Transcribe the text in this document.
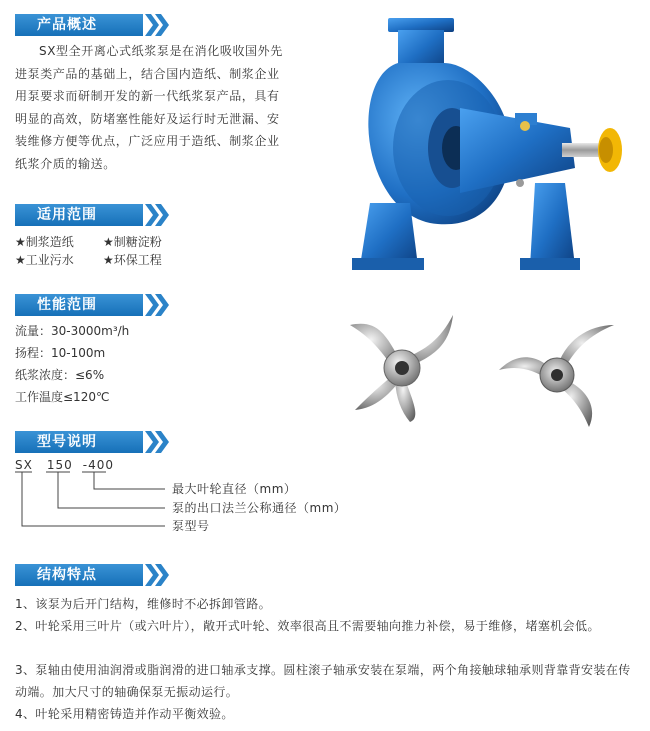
产品概述
SX型全开离心式纸浆泵是在消化吸收国外先进泵类产品的基础上，结合国内造纸、制浆企业用泵要求而研制开发的新一代纸浆泵产品，具有明显的高效，防堵塞性能好及运行时无泄漏、安装维修方便等优点，广泛应用于造纸、制浆企业纸浆介质的输送。
适用范围
★制浆造纸 ★制糖淀粉
★工业污水 ★环保工程
性能范围
流量：30-3000m³/h
扬程：10-100m
纸浆浓度：≤6%
工作温度≤120℃
型号说明
SX 150 -400
最大叶轮直径（mm）
泵的出口法兰公称通径（mm）
泵型号
结构特点
1、该泵为后开门结构，维修时不必拆卸管路。
2、叶轮采用三叶片（或六叶片），敞开式叶轮、效率很高且不需要轴向推力补偿，易于维修，堵塞机会低。
3、泵轴由使用油润滑或脂润滑的进口轴承支撑。圆柱滚子轴承安装在泵端，两个角接触球轴承则背靠背安装在传动端。加大尺寸的轴确保泵无振动运行。
4、叶轮采用精密铸造并作动平衡效验。
